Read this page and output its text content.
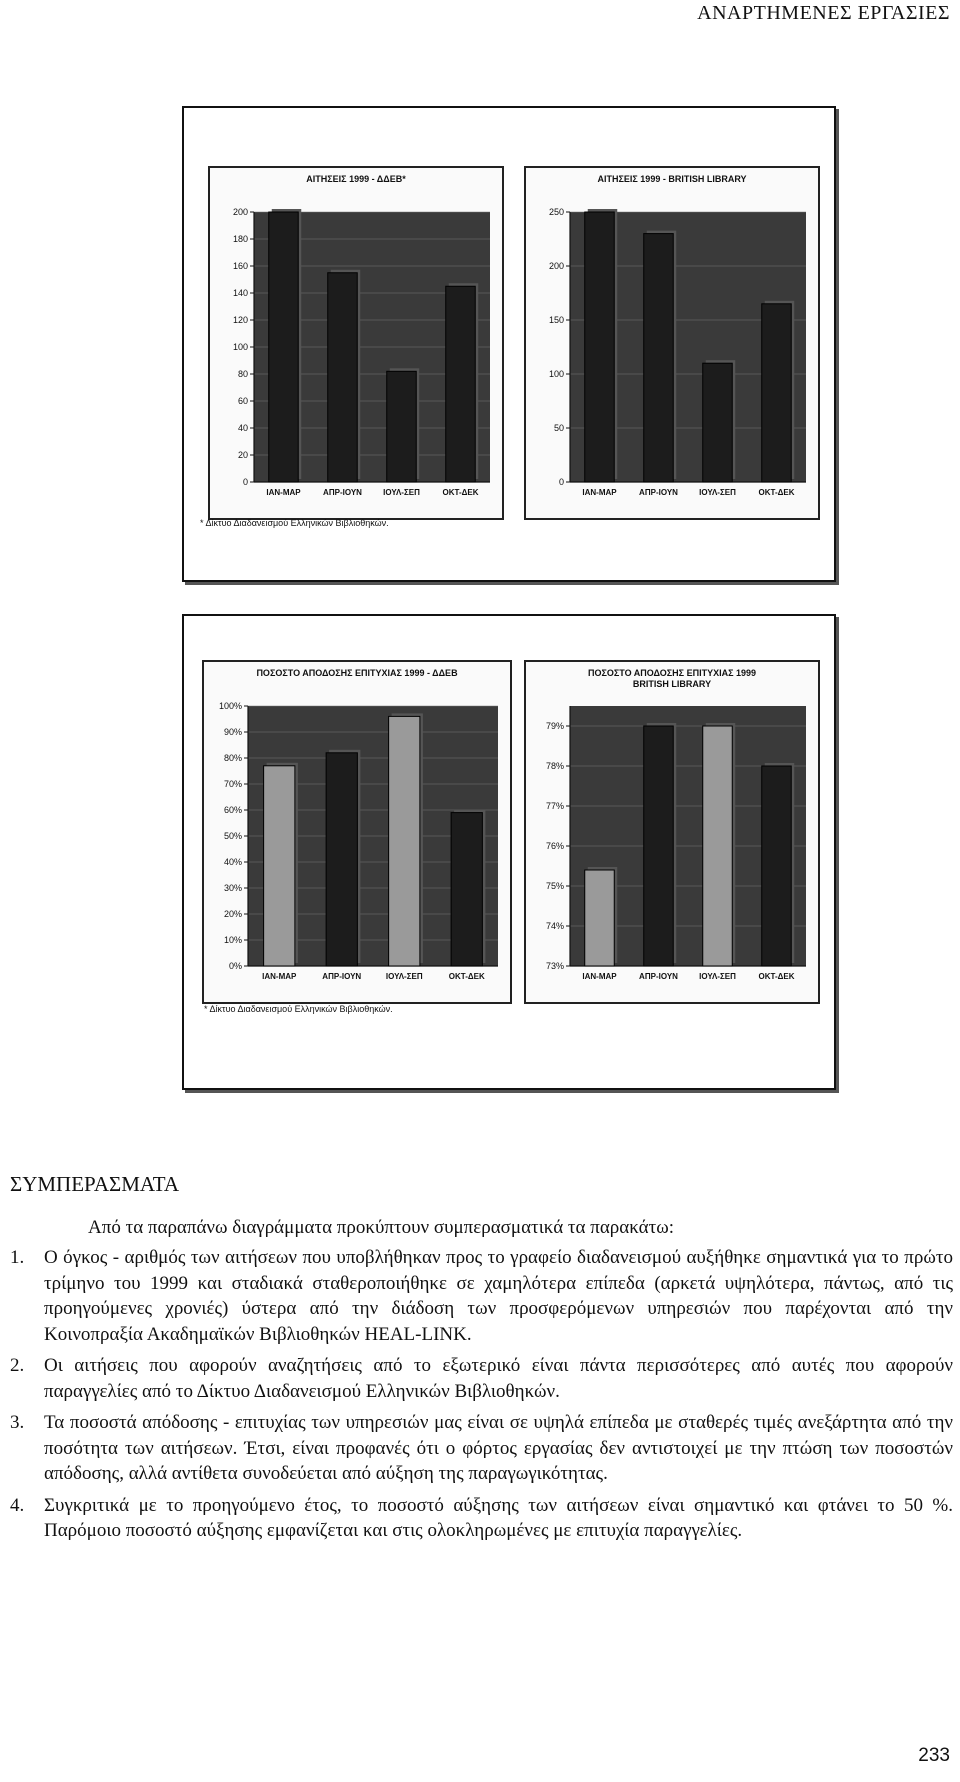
ΑΝΑΡΤΗΜΕΝΕΣ ΕΡΓΑΣΙΕΣ
ΑΙΤΗΣΕΙΣ 1999 - ΔΔΕΒ*
0
20
40
60
80
100
120
140
160
180
200
ΙΑΝ-ΜΑΡ	ΑΠΡ-ΙΟΥΝ	ΙΟΥΛ-ΣΕΠ	ΟΚΤ-ΔΕΚ
ΑΙΤΗΣΕΙΣ 1999 - BRITISH LIBRARY
0
50
100
150
200
250
ΙΑΝ-ΜΑΡ	ΑΠΡ-ΙΟΥΝ	ΙΟΥΛ-ΣΕΠ	ΟΚΤ-ΔΕΚ
* Δίκτυο Διαδανεισμού Ελληνικών Βιβλιοθηκών.
ΠΟΣΟΣΤΟ ΑΠΟΔΟΣΗΣ ΕΠΙΤΥΧΙΑΣ 1999 - ΔΔΕΒ
0%
10%
20%
30%
40%
50%
60%
70%
80%
90%
100%
ΙΑΝ-ΜΑΡ	ΑΠΡ-ΙΟΥΝ	ΙΟΥΛ-ΣΕΠ	ΟΚΤ-ΔΕΚ
ΠΟΣΟΣΤΟ ΑΠΟΔΟΣΗΣ ΕΠΙΤΥΧΙΑΣ 1999 BRITISH LIBRARY
73%
74%
75%
76%
77%
78%
79%
ΙΑΝ-ΜΑΡ	ΑΠΡ-ΙΟΥΝ	ΙΟΥΛ-ΣΕΠ	ΟΚΤ-ΔΕΚ
* Δίκτυο Διαδανεισμού Ελληνικών Βιβλιοθηκών.
ΣΥΜΠΕΡΑΣΜΑΤΑ
Από τα παραπάνω διαγράμματα προκύπτουν συμπερασματικά τα παρακάτω:
1.	Ο όγκος - αριθμός των αιτήσεων που υποβλήθηκαν προς το γραφείο διαδανεισμού αυξήθηκε σημαντικά για το πρώτο τρίμηνο του 1999 και σταδιακά σταθεροποιήθηκε σε χαμηλότερα επίπεδα (αρκετά υψηλότερα, πάντως, από τις προηγούμενες χρονιές) ύστερα από την διάδοση των προσφερόμενων υπηρεσιών που παρέχονται από την Κοινοπραξία Ακαδημαϊκών Βιβλιοθηκών HEAL-LINK.
2.	Οι αιτήσεις που αφορούν αναζητήσεις από το εξωτερικό είναι πάντα περισσότερες από αυτές που αφορούν παραγγελίες από το Δίκτυο Διαδανεισμού Ελληνικών Βιβλιοθηκών.
3.	Τα ποσοστά απόδοσης - επιτυχίας των υπηρεσιών μας είναι σε υψηλά επίπεδα με σταθερές τιμές ανεξάρτητα από την ποσότητα των αιτήσεων. Έτσι, είναι προφανές ότι ο φόρτος εργασίας δεν αντιστοιχεί με την πτώση των ποσοστών απόδοσης, αλλά αντίθετα συνοδεύεται από αύξηση της παραγωγικότητας.
4.	Συγκριτικά με το προηγούμενο έτος, το ποσοστό αύξησης των αιτήσεων είναι σημαντικό και φτάνει το 50 %. Παρόμοιο ποσοστό αύξησης εμφανίζεται και στις ολοκληρωμένες με επιτυχία παραγγελίες.
233
